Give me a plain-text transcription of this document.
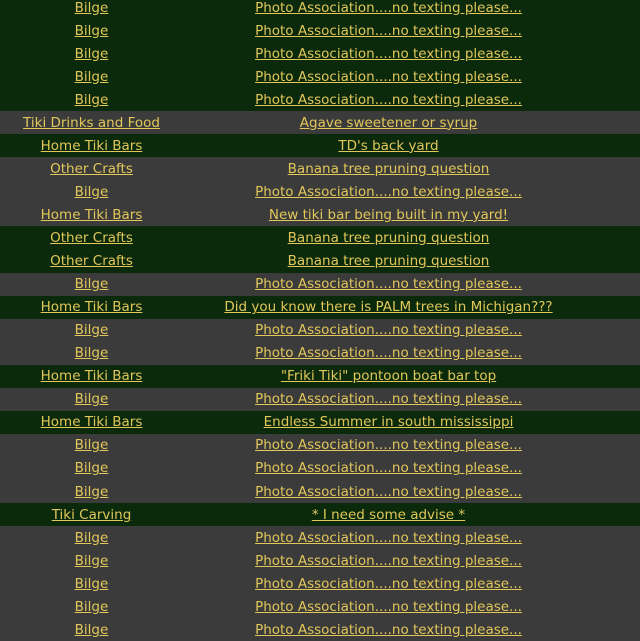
Bilge	Photo Association....no texting please...
Bilge	Photo Association....no texting please...
Bilge	Photo Association....no texting please...
Bilge	Photo Association....no texting please...
Bilge	Photo Association....no texting please...
Tiki Drinks and Food	Agave sweetener or syrup
Home Tiki Bars	TD's back yard
Other Crafts	Banana tree pruning question
Bilge	Photo Association....no texting please...
Home Tiki Bars	New tiki bar being built in my yard!
Other Crafts	Banana tree pruning question
Other Crafts	Banana tree pruning question
Bilge	Photo Association....no texting please...
Home Tiki Bars	Did you know there is PALM trees in Michigan???
Bilge	Photo Association....no texting please...
Bilge	Photo Association....no texting please...
Home Tiki Bars	"Friki Tiki" pontoon boat bar top
Bilge	Photo Association....no texting please...
Home Tiki Bars	Endless Summer in south mississippi
Bilge	Photo Association....no texting please...
Bilge	Photo Association....no texting please...
Bilge	Photo Association....no texting please...
Tiki Carving	* I need some advise *
Bilge	Photo Association....no texting please...
Bilge	Photo Association....no texting please...
Bilge	Photo Association....no texting please...
Bilge	Photo Association....no texting please...
Bilge	Photo Association....no texting please...
